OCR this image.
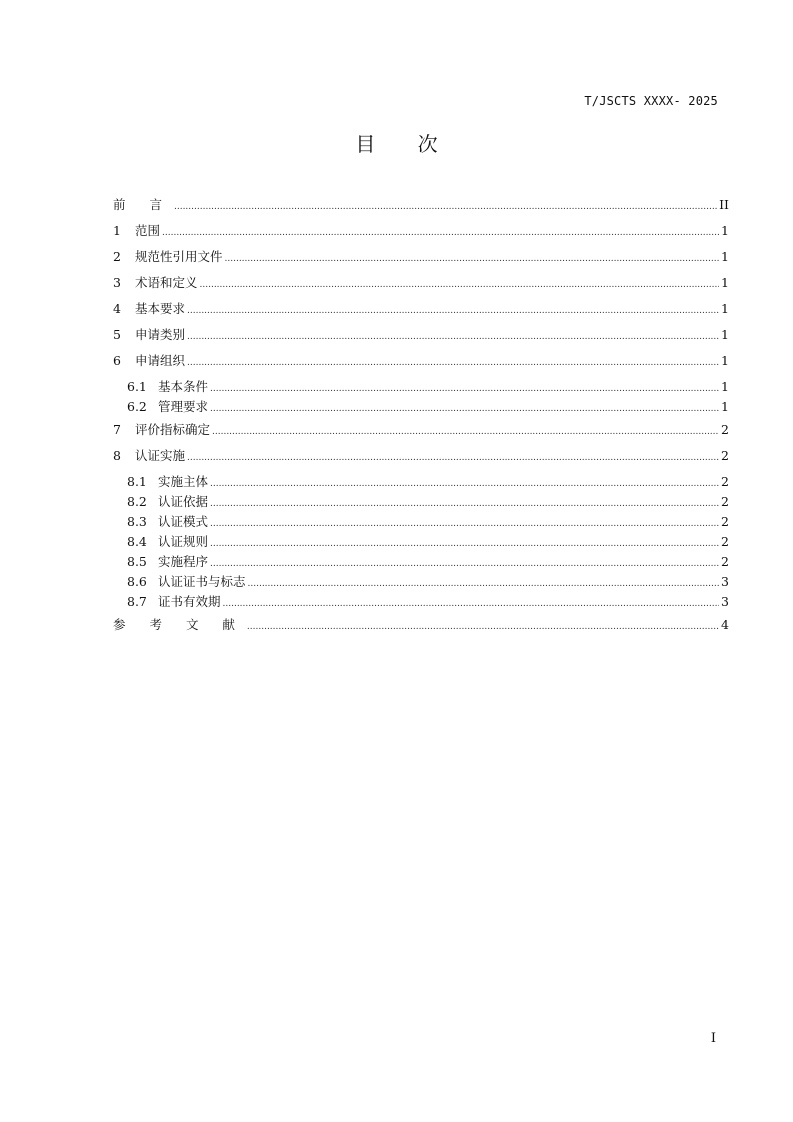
T/JSCTS XXXX- 2025
目 次
前 言 .....	II
1	范围 .....	1
2	规范性引用文件 .....	1
3	术语和定义 .....	1
4	基本要求 .....	1
5	申请类别 .....	1
6	申请组织 .....	1
6.1 基本条件 .....	1
6.2 管理要求 .....	1
7	评价指标确定 .....	2
8	认证实施 .....	2
8.1 实施主体 .....	2
8.2 认证依据 .....	2
8.3 认证模式 .....	2
8.4 认证规则 .....	2
8.5 实施程序 .....	2
8.6 认证证书与标志 .....	3
8.7 证书有效期 .....	3
参 考 文 献 .....	4
I
